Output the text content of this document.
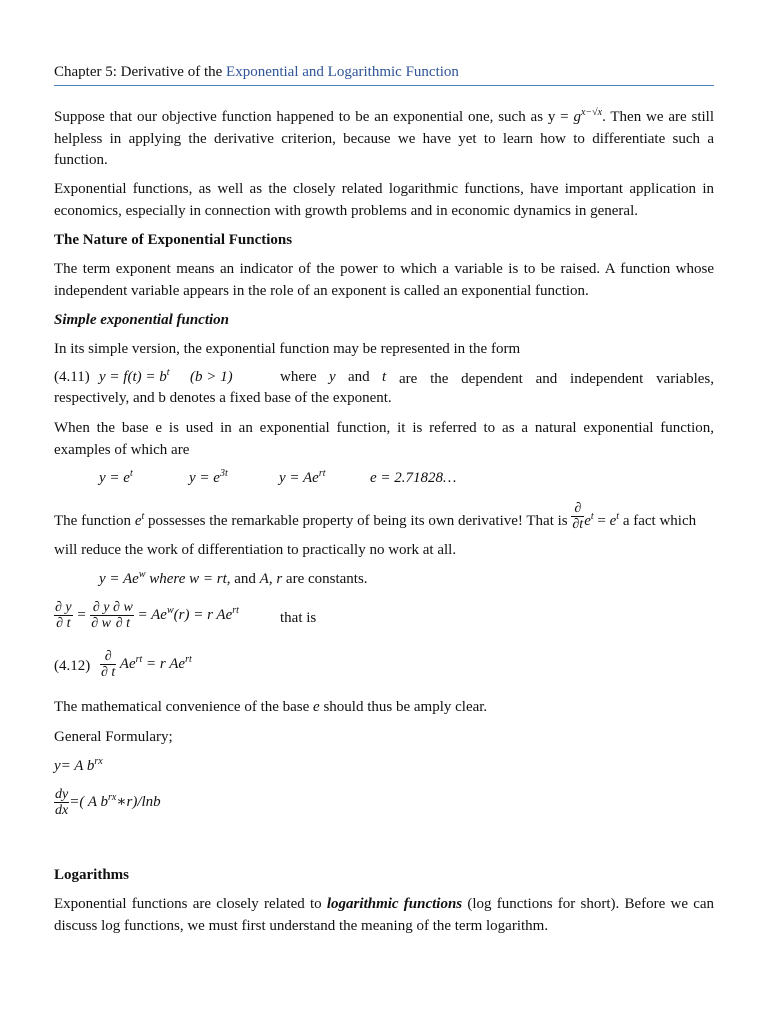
Chapter 5: Derivative of the Exponential and Logarithmic Function
Suppose that our objective function happened to be an exponential one, such as $y = g^{x-√x}$. Then we are still helpless in applying the derivative criterion, because we have yet to learn how to differentiate such a function.
Exponential functions, as well as the closely related logarithmic functions, have important application in economics, especially in connection with growth problems and in economic dynamics in general.
The Nature of Exponential Functions
The term exponent means an indicator of the power to which a variable is to be raised. A function whose independent variable appears in the role of an exponent is called an exponential function.
Simple exponential function
In its simple version, the exponential function may be represented in the form
(4.11) $y = f(t) = b^t$ (b > 1)	where y and t are the dependent and independent variables,
respectively, and b denotes a fixed base of the exponent.
When the base e is used in an exponential function, it is referred to as a natural exponential function, examples of which are
$y = e^t$	$y = e^{3t}$	$y = Ae^{rt}$	e = 2.71828…
The function $e^t$ possesses the remarkable property of being its own derivative! That is $\frac{\partial}{\partial t} e^t = e^t$ a fact which
will reduce the work of differentiation to practically no work at all.
$y = Ae^w$ where w = rt, and A, r are constants.
$\frac{\partial y}{\partial t} = \frac{\partial y}{\partial w} \frac{\partial w}{\partial t} = Ae^w(r) = r$ $Ae^{rt}$	that is
$(4.12) \frac{\partial}{\partial t} Ae^{rt} = r$ $Ae^{rt}$
The mathematical convenience of the base e should thus be amply clear.
General Formulary;
y= A $b^{rx}$
$\frac{dy}{dx}$ =( A $b^{rx}∗r$)/lnb
Logarithms
Exponential functions are closely related to logarithmic functions (log functions for short). Before we can discuss log functions, we must first understand the meaning of the term logarithm.
